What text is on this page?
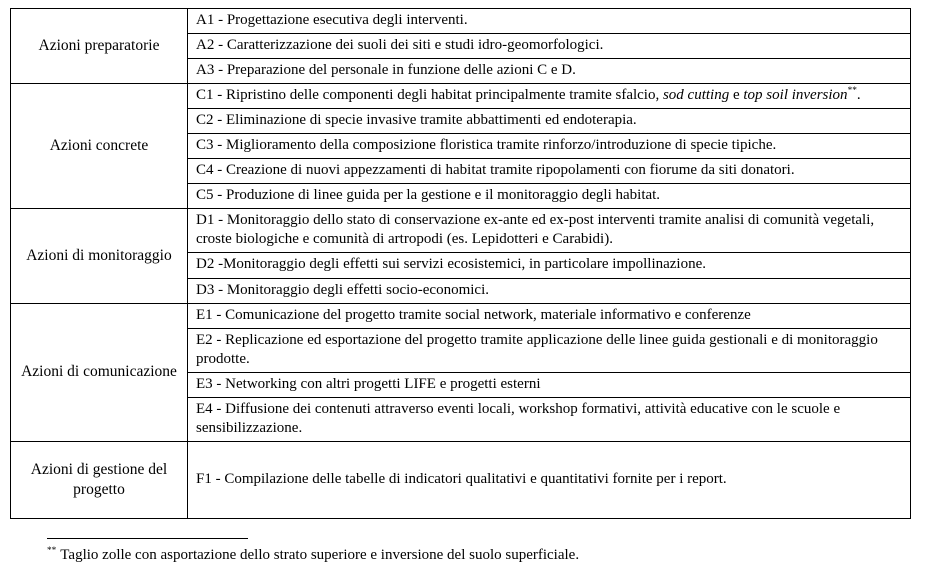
Azioni preparatorie	A1 - Progettazione esecutiva degli interventi.
	A2 - Caratterizzazione dei suoli dei siti e studi idro-geomorfologici.
	A3 - Preparazione del personale in funzione delle azioni C e D.
Azioni concrete	C1 - Ripristino delle componenti degli habitat principalmente tramite sfalcio, sod cutting e top soil inversion**.
	C2 - Eliminazione di specie invasive tramite abbattimenti ed endoterapia.
	C3 - Miglioramento della composizione floristica tramite rinforzo/introduzione di specie tipiche.
	C4 - Creazione di nuovi appezzamenti di habitat tramite ripopolamenti con fiorume da siti donatori.
	C5 - Produzione di linee guida per la gestione e il monitoraggio degli habitat.
Azioni di monitoraggio	D1 - Monitoraggio dello stato di conservazione ex-ante ed ex-post interventi tramite analisi di comunità vegetali, croste biologiche e comunità di artropodi (es. Lepidotteri e Carabidi).
	D2 -Monitoraggio degli effetti sui servizi ecosistemici, in particolare impollinazione.
	D3 - Monitoraggio degli effetti socio-economici.
Azioni di comunicazione	E1 - Comunicazione del progetto tramite social network, materiale informativo e conferenze
	E2 - Replicazione ed esportazione del progetto tramite applicazione delle linee guida gestionali e di monitoraggio prodotte.
	E3 - Networking con altri progetti LIFE e progetti esterni
	E4 - Diffusione dei contenuti attraverso eventi locali, workshop formativi, attività educative con le scuole e sensibilizzazione.
Azioni di gestione del progetto	F1 - Compilazione delle tabelle di indicatori qualitativi e quantitativi fornite per i report.

** Taglio zolle con asportazione dello strato superiore e inversione del suolo superficiale.
